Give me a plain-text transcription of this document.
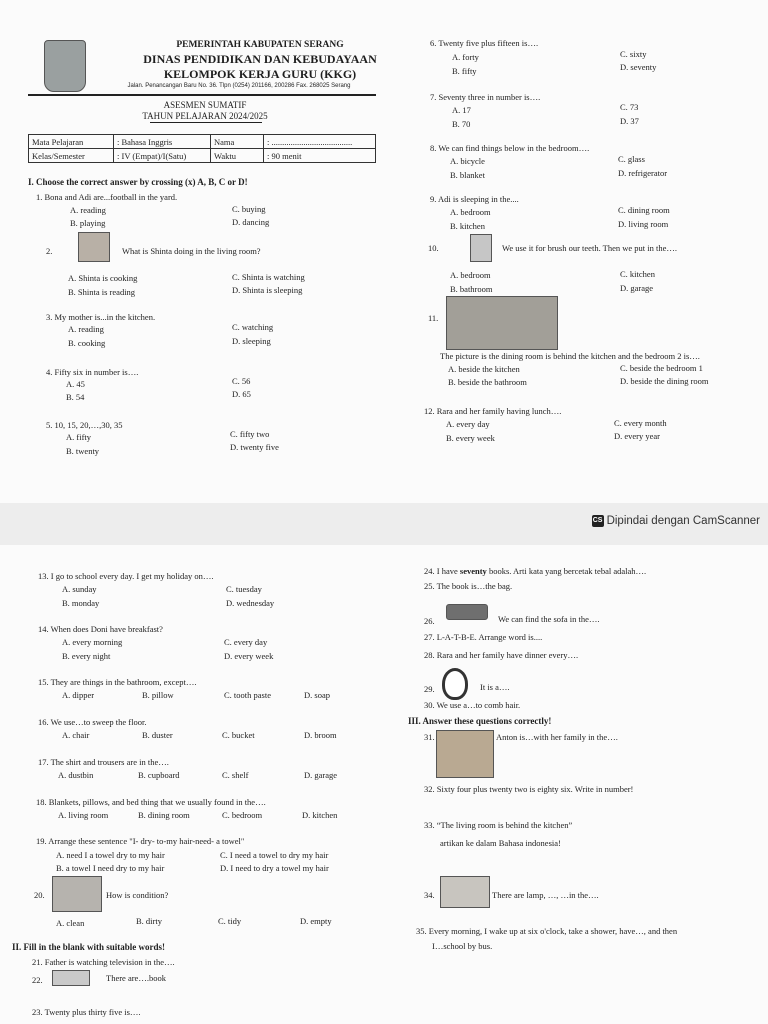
PEMERINTAH KABUPATEN SERANG
DINAS PENDIDIKAN DAN KEBUDAYAAN
KELOMPOK KERJA GURU (KKG)
Jalan. Penancangan Baru No. 36. Tlpn (0254) 201166, 200286 Fax. 268025 Serang
ASESMEN SUMATIF
TAHUN PELAJARAN 2024/2025
Mata Pelajaran	: Bahasa Inggris	Nama	: ......................................
Kelas/Semester	: IV (Empat)/I(Satu)	Waktu	: 90 menit
I. Choose the correct answer by crossing (x) A, B, C or D!
1. Bona and Adi are...football in the yard.
A. reading
B. playing
C. buying
D. dancing
2.	What is Shinta doing in the living room?
A. Shinta is cooking
B. Shinta is reading
C. Shinta is watching
D. Shinta is sleeping
3. My mother is...in the kitchen.
A. reading
B. cooking
C. watching
D. sleeping
4. Fifty six in number is….
A. 45
B. 54
C. 56
D. 65
5. 10, 15, 20,…,30, 35
A. fifty
B. twenty
C. fifty two
D. twenty five
6. Twenty five plus fifteen is….
A. forty
B. fifty
C. sixty
D. seventy
7. Seventy three in number is….
A. 17
B. 70
C. 73
D. 37
8. We can find things below in the bedroom….
A. bicycle
B. blanket
C. glass
D. refrigerator
9. Adi is sleeping in the....
A. bedroom
B. kitchen
C. dining room
D. living room
10.	We use it for brush our teeth. Then we put in the….
A. bedroom
B. bathroom
C. kitchen
D. garage
11.
The picture is the dining room is behind the kitchen and the bedroom 2 is….
A. beside the kitchen
B. beside the bathroom
C. beside the bedroom 1
D. beside the dining room
12. Rara and her family having lunch….
A. every day
B. every week
C. every month
D. every year
CS Dipindai dengan CamScanner
13. I go to school every day. I get my holiday on….
A. sunday
B. monday
C. tuesday
D. wednesday
14. When does Doni have breakfast?
A. every morning
B. every night
C. every day
D. every week
15. They are things in the bathroom, except….
A. dipper	B. pillow	C. tooth paste	D. soap
16. We use…to sweep the floor.
A. chair	B. duster	C. bucket	D. broom
17. The shirt and trousers are in the….
A. dustbin	B. cupboard	C. shelf	D. garage
18. Blankets, pillows, and bed thing that we usually found in the….
A. living room	B. dining room	C. bedroom	D. kitchen
19. Arrange these sentence "I- dry- to-my hair-need- a towel"
A. need I a towel dry to my hair
B. a towel I need dry to my hair
C. I need a towel to dry my hair
D. I need to dry a towel my hair
20.	How is condition?
A. clean	B. dirty	C. tidy	D. empty
II. Fill in the blank with suitable words!
21. Father is watching television in the….
22.	There are….book
23. Twenty plus thirty five is….
24. I have seventy books. Arti kata yang bercetak tebal adalah….
25. The book is…the bag.
26.	We can find the sofa in the….
27. L-A-T-B-E. Arrange word is....
28. Rara and her family have dinner every….
29.	It is a….
30. We use a…to comb hair.
III. Answer these questions correctly!
31.	Anton is…with her family in the….
32. Sixty four plus twenty two is eighty six. Write in number!
33. “The living room is behind the kitchen”
artikan ke dalam Bahasa indonesia!
34.	There are lamp, …, …in the….
35. Every morning, I wake up at six o'clock, take a shower, have…, and then
I…school by bus.
